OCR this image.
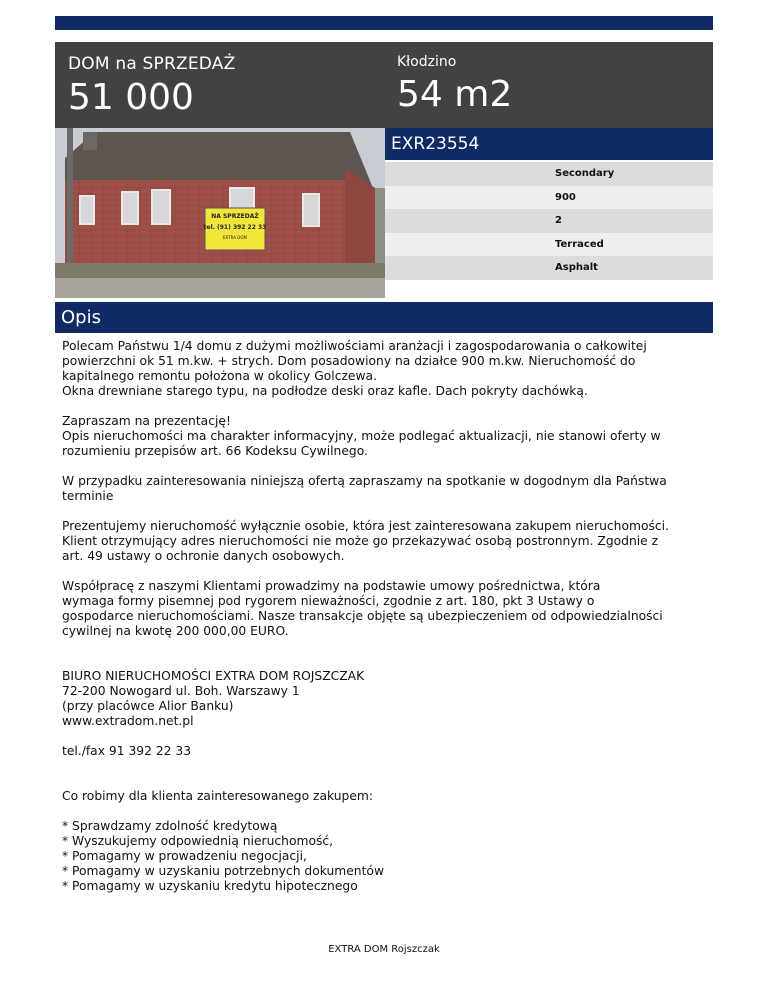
DOM na SPRZEDAŻ
51 000
Kłodzino
54 m2
NA SPRZEDAŻ
tel. (91) 392 22 33
EXTRA DOM
EXR23554
Secondary
900
2
Terraced
Asphalt
Opis

Polecam Państwu 1/4 domu z dużymi możliwościami aranżacji i zagospodarowania o całkowitej
powierzchni ok 51 m.kw. + strych. Dom posadowiony na działce 900 m.kw. Nieruchomość do
kapitalnego remontu położona w okolicy Golczewa.
Okna drewniane starego typu, na podłodze deski oraz kafle. Dach pokryty dachówką.

Zapraszam na prezentację!
Opis nieruchomości ma charakter informacyjny, może podlegać aktualizacji, nie stanowi oferty w
rozumieniu przepisów art. 66 Kodeksu Cywilnego.

W przypadku zainteresowania niniejszą ofertą zapraszamy na spotkanie w dogodnym dla Państwa
terminie

Prezentujemy nieruchomość wyłącznie osobie, która jest zainteresowana zakupem nieruchomości.
Klient otrzymujący adres nieruchomości nie może go przekazywać osobą postronnym. Zgodnie z
art. 49 ustawy o ochronie danych osobowych.

Współpracę z naszymi Klientami prowadzimy na podstawie umowy pośrednictwa, która
wymaga formy pisemnej pod rygorem nieważności, zgodnie z art. 180, pkt 3 Ustawy o
gospodarce nieruchomościami. Nasze transakcje objęte są ubezpieczeniem od odpowiedzialności
cywilnej na kwotę 200 000,00 EURO.

BIURO NIERUCHOMOŚCI EXTRA DOM ROJSZCZAK
72-200 Nowogard ul. Boh. Warszawy 1
(przy placówce Alior Banku)
www.extradom.net.pl

tel./fax 91 392 22 33

Co robimy dla klienta zainteresowanego zakupem:

* Sprawdzamy zdolność kredytową
* Wyszukujemy odpowiednią nieruchomość,
* Pomagamy w prowadzeniu negocjacji,
* Pomagamy w uzyskaniu potrzebnych dokumentów
* Pomagamy w uzyskaniu kredytu hipotecznego

EXTRA DOM Rojszczak
